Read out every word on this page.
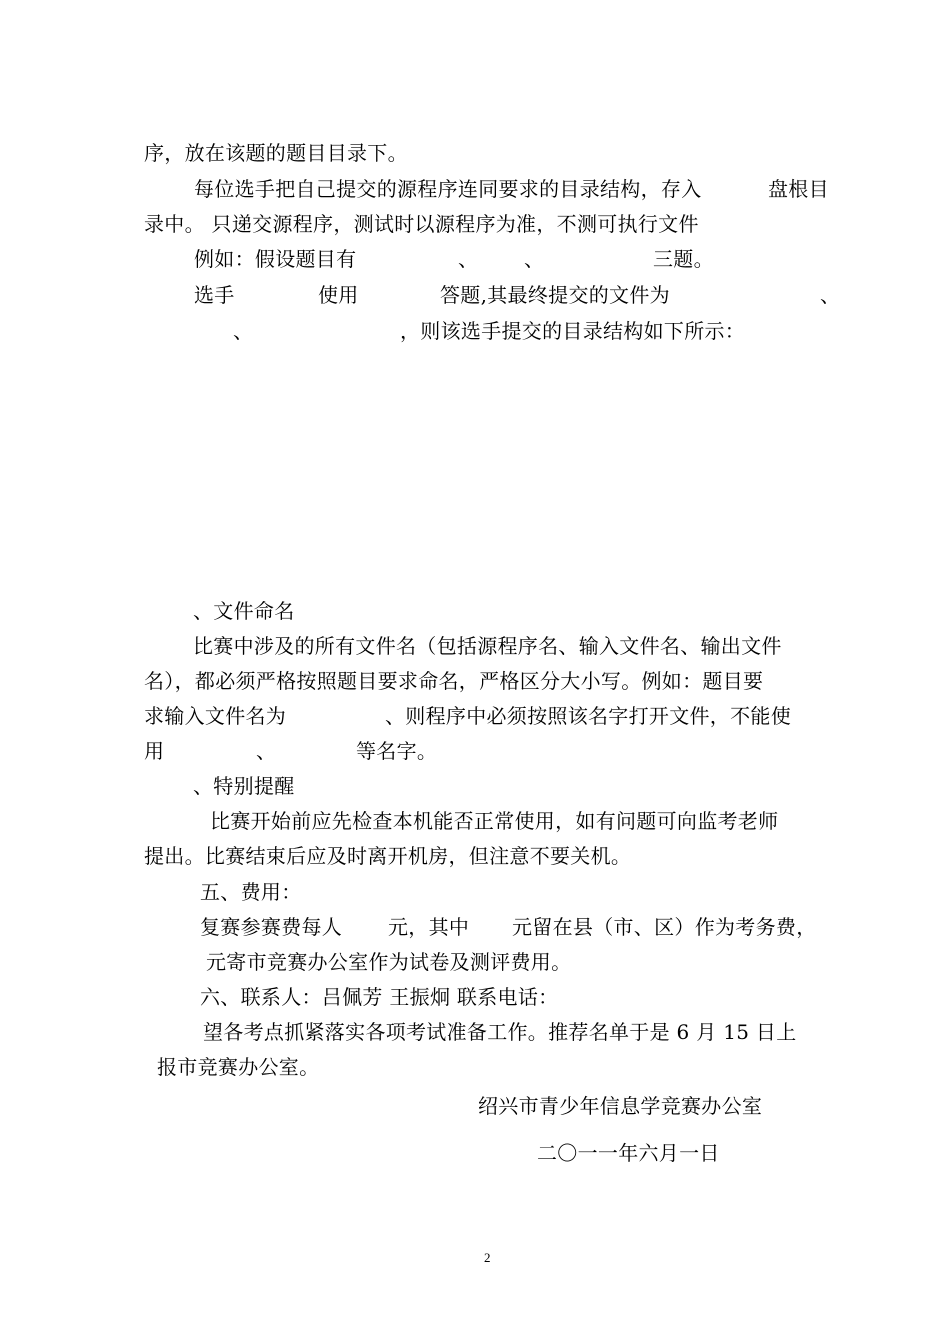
序，放在该题的题目目录下。
每位选手把自己提交的源程序连同要求的目录结构，存入	盘根目
录中。 只递交源程序，测试时以源程序为准，不测可执行文件
例如：假设题目有	、 、	三题。
选手	使用	答题,其最终提交的文件为	、
、	，则该选手提交的目录结构如下所示：
、文件命名
比赛中涉及的所有文件名（包括源程序名、输入文件名、输出文件
名），都必须严格按照题目要求命名，严格区分大小写。例如：题目要
求输入文件名为	、则程序中必须按照该名字打开文件，不能使
用	、	等名字。
、特别提醒
比赛开始前应先检查本机能否正常使用，如有问题可向监考老师
提出。比赛结束后应及时离开机房，但注意不要关机。
五、费用：
复赛参赛费每人 元，其中 元留在县（市、区）作为考务费，
元寄市竞赛办公室作为试卷及测评费用。
六、联系人：吕佩芳 王振炯 联系电话：
望各考点抓紧落实各项考试准备工作。推荐名单于是 6 月 15 日上
报市竞赛办公室。
绍兴市青少年信息学竞赛办公室
二〇一一年六月一日
2
